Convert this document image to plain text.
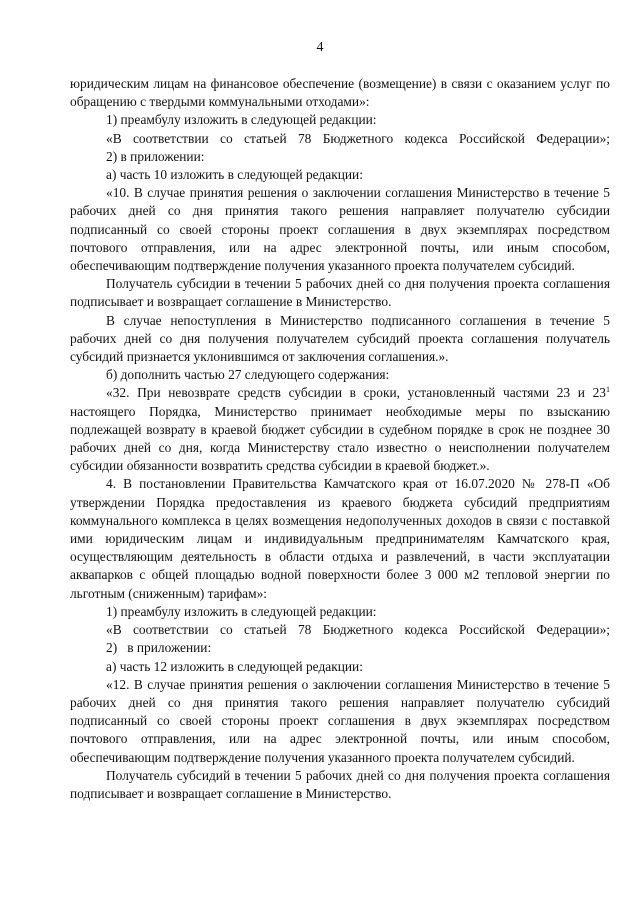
4

юридическим лицам на финансовое обеспечение (возмещение) в связи с оказанием услуг по обращению с твердыми коммунальными отходами»:

1) преамбулу изложить в следующей редакции:

«В соответствии со статьей 78 Бюджетного кодекса Российской Федерации»;

2) в приложении:

а) часть 10 изложить в следующей редакции:

«10. В случае принятия решения о заключении соглашения Министерство в течение 5 рабочих дней со дня принятия такого решения направляет получателю субсидии подписанный со своей стороны проект соглашения в двух экземплярах посредством почтового отправления, или на адрес электронной почты, или иным способом, обеспечивающим подтверждение получения указанного проекта получателем субсидий.

Получатель субсидии в течении 5 рабочих дней со дня получения проекта соглашения подписывает и возвращает соглашение в Министерство.

В случае непоступления в Министерство подписанного соглашения в течение 5 рабочих дней со дня получения получателем субсидий проекта соглашения получатель субсидий признается уклонившимся от заключения соглашения.».

б) дополнить частью 27 следующего содержания:

«32. При невозврате средств субсидии в сроки, установленный частями 23 и $23^1$ настоящего Порядка, Министерство принимает необходимые меры по взысканию подлежащей возврату в краевой бюджет субсидии в судебном порядке в срок не позднее 30 рабочих дней со дня, когда Министерству стало известно о неисполнении получателем субсидии обязанности возвратить средства субсидии в краевой бюджет.».

4. В постановлении Правительства Камчатского края от 16.07.2020 № 278-П «Об утверждении Порядка предоставления из краевого бюджета субсидий предприятиям коммунального комплекса в целях возмещения недополученных доходов в связи с поставкой ими юридическим лицам и индивидуальным предпринимателям Камчатского края, осуществляющим деятельность в области отдыха и развлечений, в части эксплуатации аквапарков с общей площадью водной поверхности более 3 000 м2 тепловой энергии по льготным (сниженным) тарифам»:

1) преамбулу изложить в следующей редакции:

«В соответствии со статьей 78 Бюджетного кодекса Российской Федерации»;

2)   в приложении:

а) часть 12 изложить в следующей редакции:

«12. В случае принятия решения о заключении соглашения Министерство в течение 5 рабочих дней со дня принятия такого решения направляет получателю субсидий подписанный со своей стороны проект соглашения в двух экземплярах посредством почтового отправления, или на адрес электронной почты, или иным способом, обеспечивающим подтверждение получения указанного проекта получателем субсидий.

Получатель субсидий в течении 5 рабочих дней со дня получения проекта соглашения подписывает и возвращает соглашение в Министерство.
